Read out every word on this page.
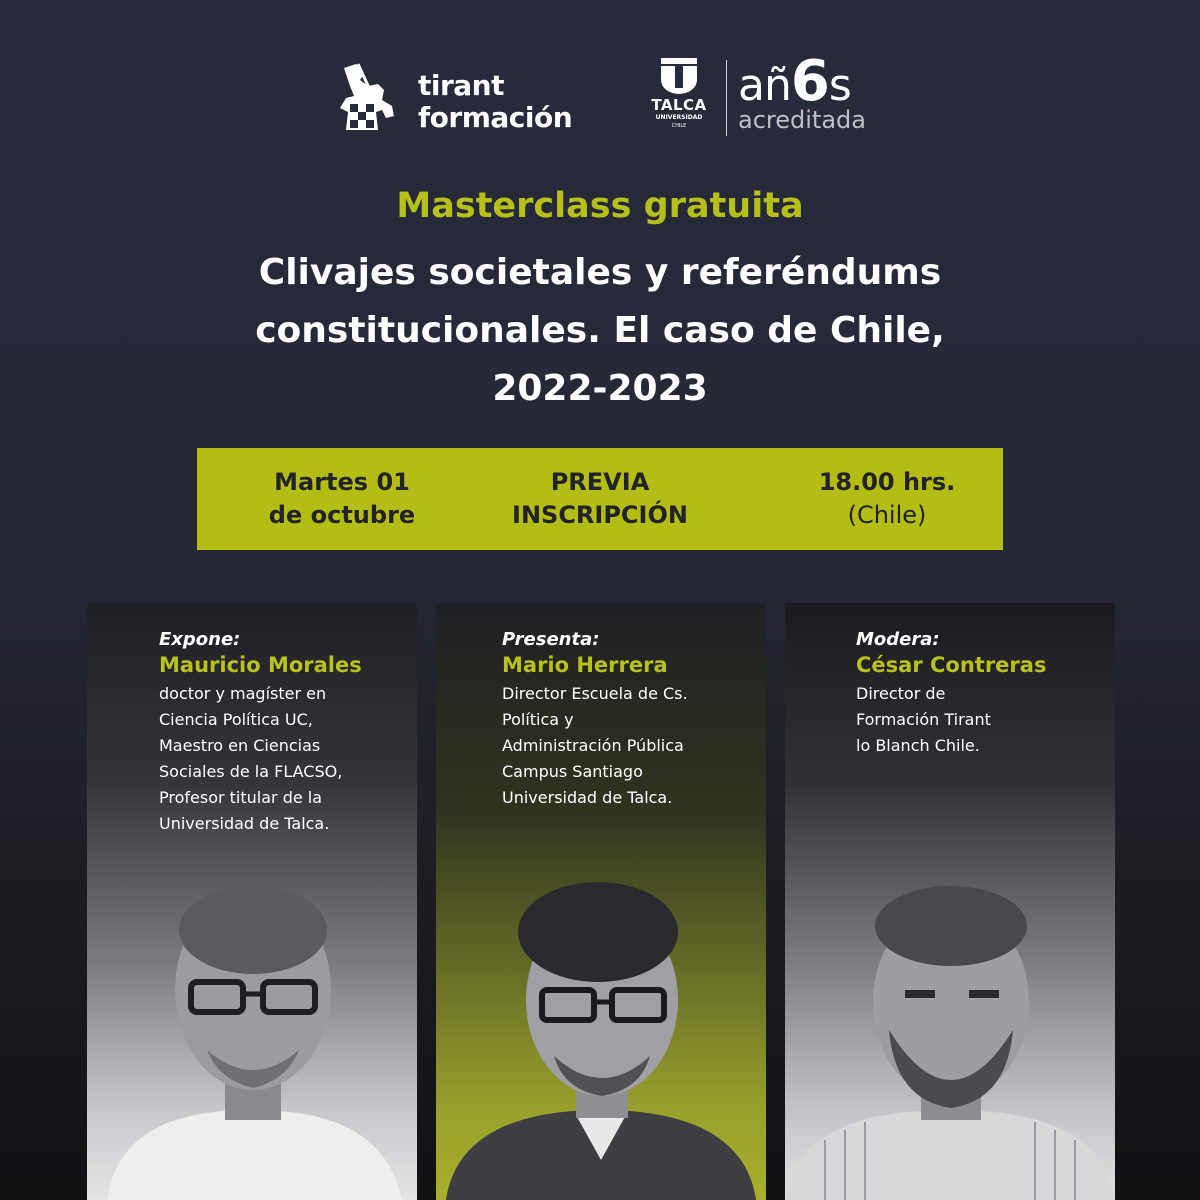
tirant
formación	TALCA
UNIVERSIDAD
CHILE
añ6s
acreditada
Masterclass gratuita
Clivajes societales y referéndums
constitucionales. El caso de Chile,
2022-2023
Martes 01
de octubre
PREVIA
INSCRIPCIÓN
18.00 hrs.
(Chile)
Expone:
Mauricio Morales
doctor y magíster en
Ciencia Política UC,
Maestro en Ciencias
Sociales de la FLACSO,
Profesor titular de la
Universidad de Talca.
Presenta:
Mario Herrera
Director Escuela de Cs.
Política y
Administración Pública
Campus Santiago
Universidad de Talca.
Modera:
César Contreras
Director de
Formación Tirant
lo Blanch Chile.
